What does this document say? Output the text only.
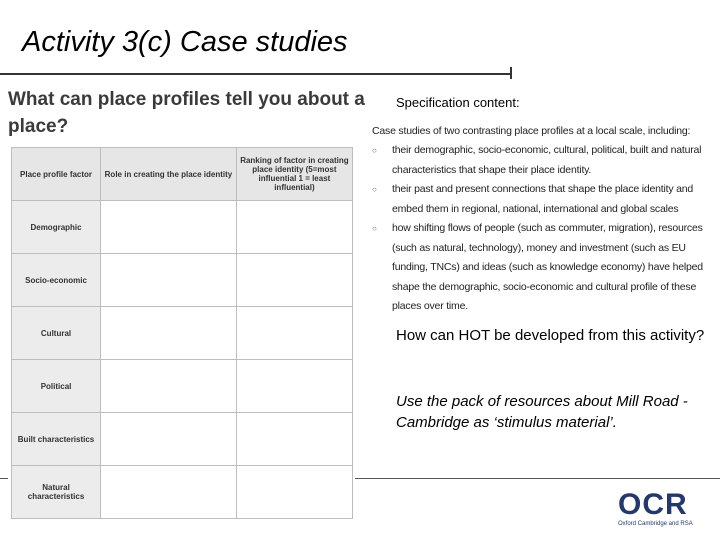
Activity 3(c) Case studies
What can place profiles tell you about a place?
Place profile factor	Role in creating the place identity	Ranking of factor in creating place identity (5=most influential 1 = least influential)
Demographic		
Socio-economic		
Cultural		
Political		
Built characteristics		
Natural characteristics		
Specification content:

Case studies of two contrasting place profiles at a local scale, including:

○ their demographic, socio-economic, cultural, political, built and natural characteristics that shape their place identity.
○ their past and present connections that shape the place identity and embed them in regional, national, international and global scales
○ how shifting flows of people (such as commuter, migration), resources (such as natural, technology), money and investment (such as EU funding, TNCs) and ideas (such as knowledge economy) have helped shape the demographic, socio-economic and cultural profile of these places over time.
How can HOT be developed from this activity?
Use the pack of resources about Mill Road - Cambridge as ‘stimulus material’.
OCR
Oxford Cambridge and RSA
